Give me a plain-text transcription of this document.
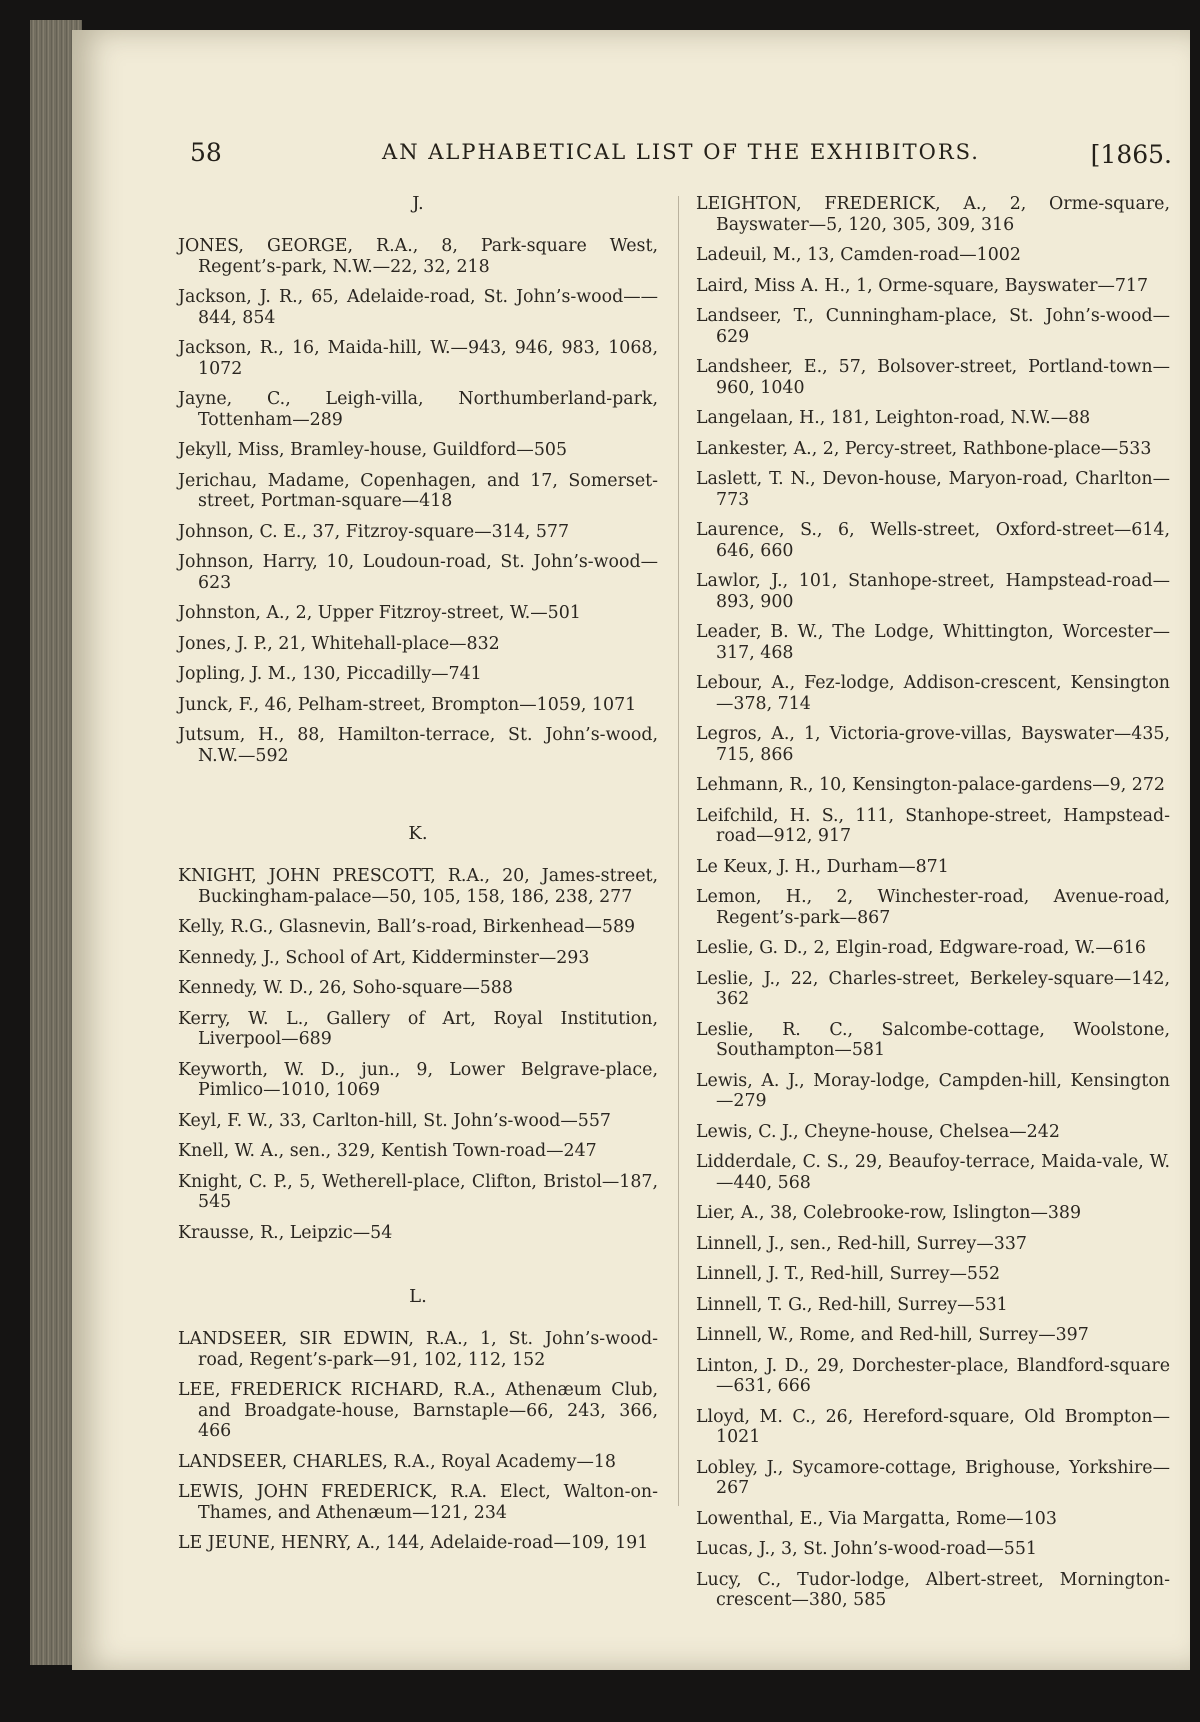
58	AN ALPHABETICAL LIST OF THE EXHIBITORS.	[1865.
J.

JONES, GEORGE, R.A., 8, Park-square West, Regent’s-park, N.W.—22, 32, 218

Jackson, J. R., 65, Adelaide-road, St. John’s-wood——844, 854

Jackson, R., 16, Maida-hill, W.—943, 946, 983, 1068, 1072

Jayne, C., Leigh-villa, Northumberland-park, Tottenham—289

Jekyll, Miss, Bramley-house, Guildford—505

Jerichau, Madame, Copenhagen, and 17, Somerset-street, Portman-square—418

Johnson, C. E., 37, Fitzroy-square—314, 577

Johnson, Harry, 10, Loudoun-road, St. John’s-wood—623

Johnston, A., 2, Upper Fitzroy-street, W.—501

Jones, J. P., 21, Whitehall-place—832

Jopling, J. M., 130, Piccadilly—741

Junck, F., 46, Pelham-street, Brompton—1059, 1071

Jutsum, H., 88, Hamilton-terrace, St. John’s-wood, N.W.—592

K.

KNIGHT, JOHN PRESCOTT, R.A., 20, James-street, Buckingham-palace—50, 105, 158, 186, 238, 277

Kelly, R.G., Glasnevin, Ball’s-road, Birkenhead—589

Kennedy, J., School of Art, Kidderminster—293

Kennedy, W. D., 26, Soho-square—588

Kerry, W. L., Gallery of Art, Royal Institution, Liverpool—689

Keyworth, W. D., jun., 9, Lower Belgrave-place, Pimlico—1010, 1069

Keyl, F. W., 33, Carlton-hill, St. John’s-wood—557

Knell, W. A., sen., 329, Kentish Town-road—247

Knight, C. P., 5, Wetherell-place, Clifton, Bristol—187, 545

Krausse, R., Leipzic—54

L.

LANDSEER, SIR EDWIN, R.A., 1, St. John’s-wood-road, Regent’s-park—91, 102, 112, 152

LEE, FREDERICK RICHARD, R.A., Athenæum Club, and Broadgate-house, Barnstaple—66, 243, 366, 466

LANDSEER, CHARLES, R.A., Royal Academy—18

LEWIS, JOHN FREDERICK, R.A. Elect, Walton-on-Thames, and Athenæum—121, 234

LE JEUNE, HENRY, A., 144, Adelaide-road—109, 191

LEIGHTON, FREDERICK, A., 2, Orme-square, Bayswater—5, 120, 305, 309, 316

Ladeuil, M., 13, Camden-road—1002

Laird, Miss A. H., 1, Orme-square, Bayswater—717

Landseer, T., Cunningham-place, St. John’s-wood—629

Landsheer, E., 57, Bolsover-street, Portland-town—960, 1040

Langelaan, H., 181, Leighton-road, N.W.—88

Lankester, A., 2, Percy-street, Rathbone-place—533

Laslett, T. N., Devon-house, Maryon-road, Charlton—773

Laurence, S., 6, Wells-street, Oxford-street—614, 646, 660

Lawlor, J., 101, Stanhope-street, Hampstead-road—893, 900

Leader, B. W., The Lodge, Whittington, Worcester—317, 468

Lebour, A., Fez-lodge, Addison-crescent, Kensington—378, 714

Legros, A., 1, Victoria-grove-villas, Bayswater—435, 715, 866

Lehmann, R., 10, Kensington-palace-gardens—9, 272

Leifchild, H. S., 111, Stanhope-street, Hampstead-road—912, 917

Le Keux, J. H., Durham—871

Lemon, H., 2, Winchester-road, Avenue-road, Regent’s-park—867

Leslie, G. D., 2, Elgin-road, Edgware-road, W.—616

Leslie, J., 22, Charles-street, Berkeley-square—142, 362

Leslie, R. C., Salcombe-cottage, Woolstone, Southampton—581

Lewis, A. J., Moray-lodge, Campden-hill, Kensington—279

Lewis, C. J., Cheyne-house, Chelsea—242

Lidderdale, C. S., 29, Beaufoy-terrace, Maida-vale, W.—440, 568

Lier, A., 38, Colebrooke-row, Islington—389

Linnell, J., sen., Red-hill, Surrey—337

Linnell, J. T., Red-hill, Surrey—552

Linnell, T. G., Red-hill, Surrey—531

Linnell, W., Rome, and Red-hill, Surrey—397

Linton, J. D., 29, Dorchester-place, Blandford-square—631, 666

Lloyd, M. C., 26, Hereford-square, Old Brompton—1021

Lobley, J., Sycamore-cottage, Brighouse, Yorkshire—267

Lowenthal, E., Via Margatta, Rome—103

Lucas, J., 3, St. John’s-wood-road—551

Lucy, C., Tudor-lodge, Albert-street, Mornington-crescent—380, 585
